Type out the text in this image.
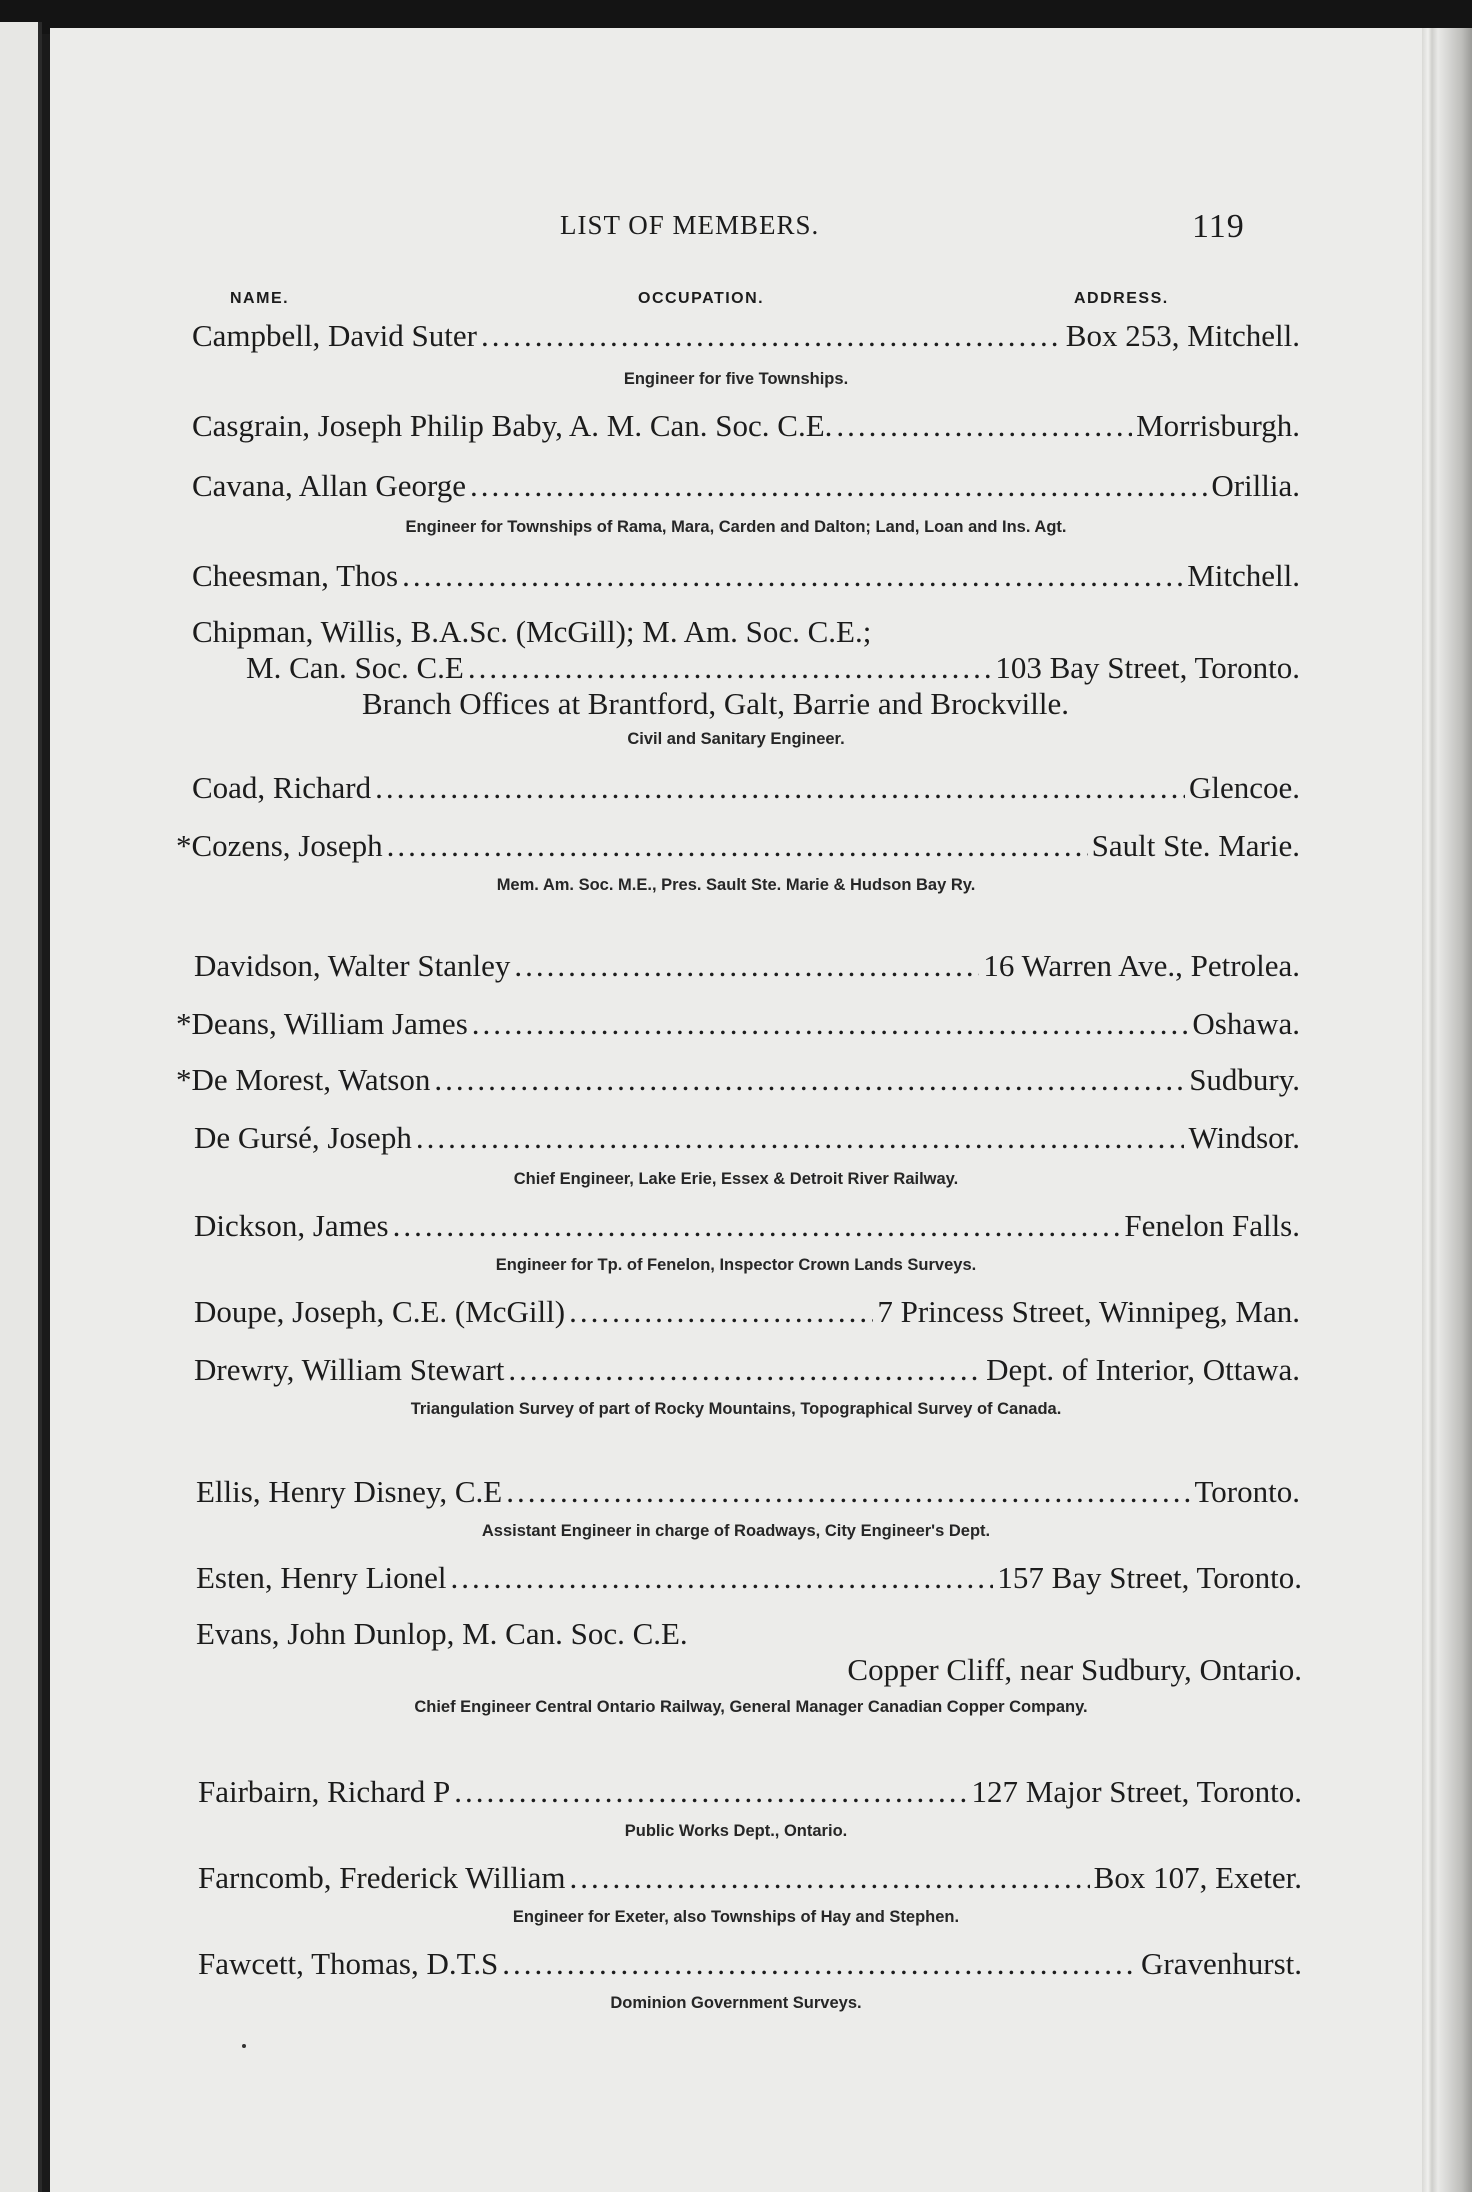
LIST OF MEMBERS.	119
NAME.	OCCUPATION.	ADDRESS.
Campbell, David Suter .....	Box 253, Mitchell.
Engineer for five Townships.
Casgrain, Joseph Philip Baby, A. M. Can. Soc. C.E. .....	Morrisburgh.
Cavana, Allan George .....	Orillia.
Engineer for Townships of Rama, Mara, Carden and Dalton; Land, Loan and Ins. Agt.
Cheesman, Thos .....	Mitchell.
Chipman, Willis, B.A.Sc. (McGill); M. Am. Soc. C.E.;
M. Can. Soc. C.E .....	103 Bay Street, Toronto.
Branch Offices at Brantford, Galt, Barrie and Brockville.
Civil and Sanitary Engineer.
Coad, Richard .....	Glencoe.
*Cozens, Joseph .....	Sault Ste. Marie.
Mem. Am. Soc. M.E., Pres. Sault Ste. Marie & Hudson Bay Ry.
Davidson, Walter Stanley .....	16 Warren Ave., Petrolea.
*Deans, William James .....	Oshawa.
*De Morest, Watson .....	Sudbury.
De Gursé, Joseph .....	Windsor.
Chief Engineer, Lake Erie, Essex & Detroit River Railway.
Dickson, James .....	Fenelon Falls.
Engineer for Tp. of Fenelon, Inspector Crown Lands Surveys.
Doupe, Joseph, C.E. (McGill) .....	7 Princess Street, Winnipeg, Man.
Drewry, William Stewart .....	Dept. of Interior, Ottawa.
Triangulation Survey of part of Rocky Mountains, Topographical Survey of Canada.
Ellis, Henry Disney, C.E .....	Toronto.
Assistant Engineer in charge of Roadways, City Engineer's Dept.
Esten, Henry Lionel .....	157 Bay Street, Toronto.
Evans, John Dunlop, M. Can. Soc. C.E.
Copper Cliff, near Sudbury, Ontario.
Chief Engineer Central Ontario Railway, General Manager Canadian Copper Company.
Fairbairn, Richard P .....	127 Major Street, Toronto.
Public Works Dept., Ontario.
Farncomb, Frederick William .....	Box 107, Exeter.
Engineer for Exeter, also Townships of Hay and Stephen.
Fawcett, Thomas, D.T.S .....	Gravenhurst.
Dominion Government Surveys.
